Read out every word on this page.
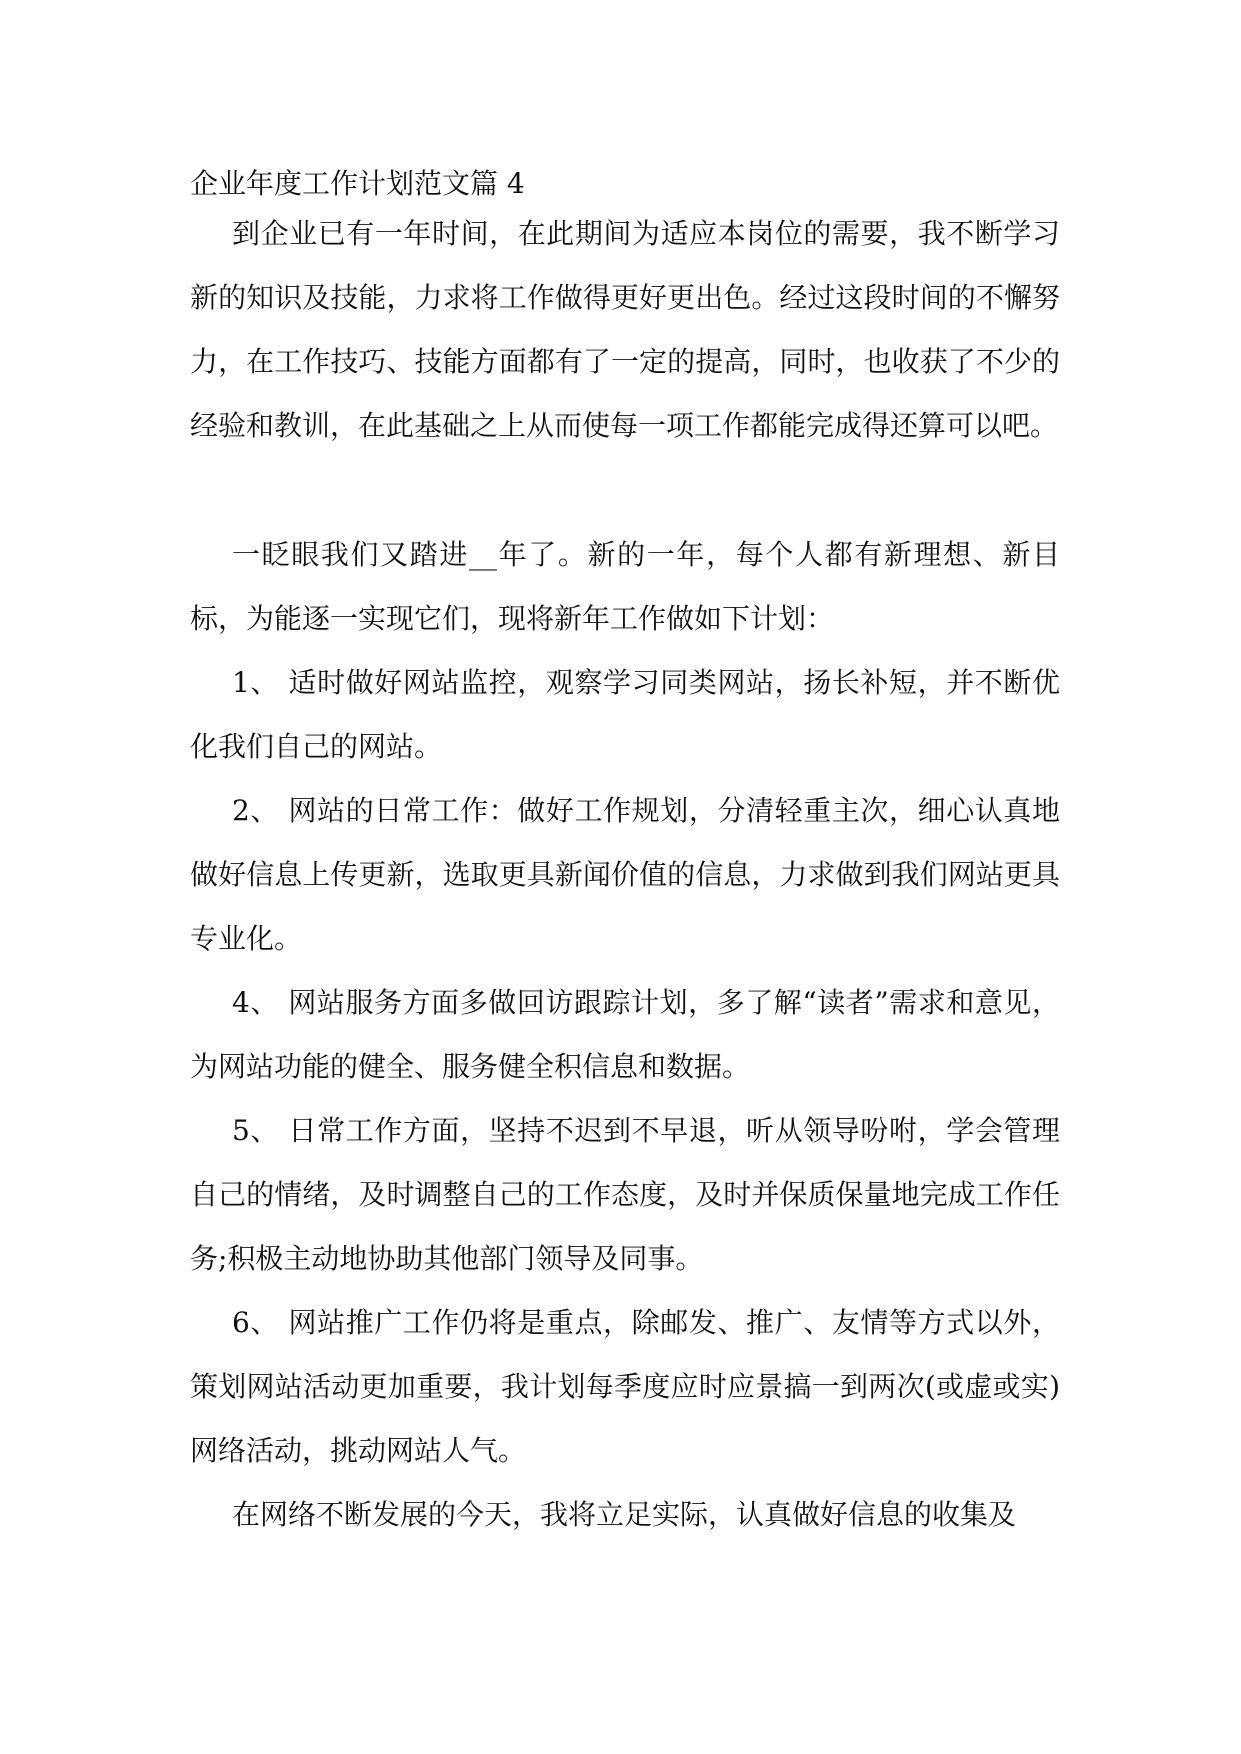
企业年度工作计划范文篇 4

到企业已有一年时间，在此期间为适应本岗位的需要，我不断学习新的知识及技能，力求将工作做得更好更出色。经过这段时间的不懈努力，在工作技巧、技能方面都有了一定的提高，同时，也收获了不少的经验和教训，在此基础之上从而使每一项工作都能完成得还算可以吧。

一眨眼我们又踏进__年了。新的一年，每个人都有新理想、新目标，为能逐一实现它们，现将新年工作做如下计划：

1、 适时做好网站监控，观察学习同类网站，扬长补短，并不断优化我们自己的网站。

2、 网站的日常工作：做好工作规划，分清轻重主次，细心认真地做好信息上传更新，选取更具新闻价值的信息，力求做到我们网站更具专业化。

4、 网站服务方面多做回访跟踪计划，多了解“读者”需求和意见，为网站功能的健全、服务健全积信息和数据。

5、 日常工作方面，坚持不迟到不早退，听从领导吩咐，学会管理自己的情绪，及时调整自己的工作态度，及时并保质保量地完成工作任务;积极主动地协助其他部门领导及同事。

6、 网站推广工作仍将是重点，除邮发、推广、友情等方式以外，策划网站活动更加重要，我计划每季度应时应景搞一到两次(或虚或实)网络活动，挑动网站人气。

在网络不断发展的今天，我将立足实际，认真做好信息的收集及
